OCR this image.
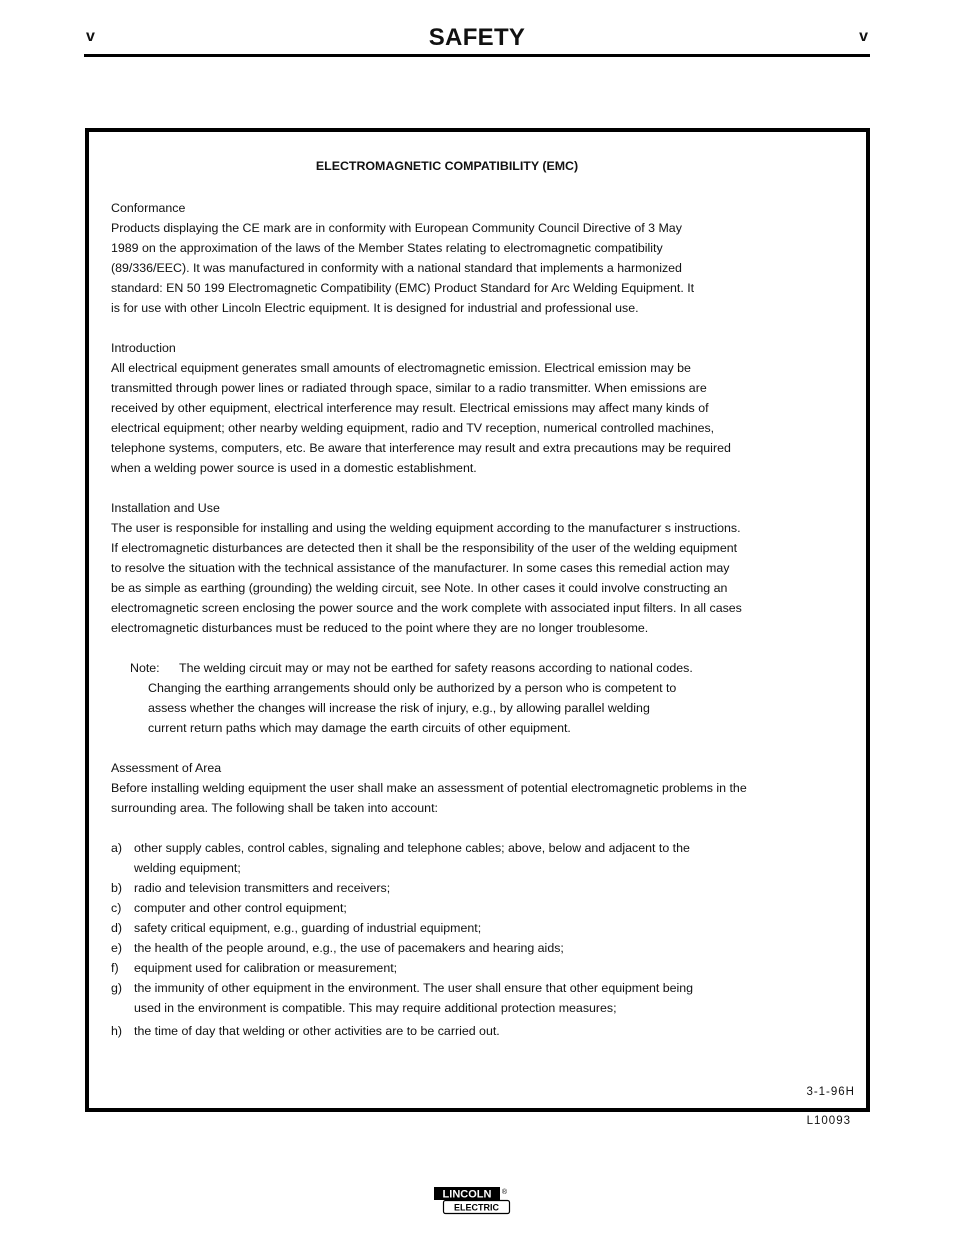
v	SAFETY	v

ELECTROMAGNETIC COMPATIBILITY (EMC)

Conformance

Products displaying the CE mark are in conformity with European Community Council Directive of 3 May

1989 on the approximation of the laws of the Member States relating to electromagnetic compatibility

(89/336/EEC). It was manufactured in conformity with a national standard that implements a harmonized

standard: EN 50 199 Electromagnetic Compatibility (EMC) Product Standard for Arc Welding Equipment. It

is for use with other Lincoln Electric equipment. It is designed for industrial and professional use.

Introduction

All electrical equipment generates small amounts of electromagnetic emission. Electrical emission may be

transmitted through power lines or radiated through space, similar to a radio transmitter. When emissions are

received by other equipment, electrical interference may result. Electrical emissions may affect many kinds of

electrical equipment; other nearby welding equipment, radio and TV reception, numerical controlled machines,

telephone systems, computers, etc. Be aware that interference may result and extra precautions may be required

when a welding power source is used in a domestic establishment.

Installation and Use

The user is responsible for installing and using the welding equipment according to the manufacturer s instructions.

If electromagnetic disturbances are detected then it shall be the responsibility of the user of the welding equipment

to resolve the situation with the technical assistance of the manufacturer. In some cases this remedial action may

be as simple as earthing (grounding) the welding circuit, see Note. In other cases it could involve constructing an

electromagnetic screen enclosing the power source and the work complete with associated input filters. In all cases

electromagnetic disturbances must be reduced to the point where they are no longer troublesome.

Note: The welding circuit may or may not be earthed for safety reasons according to national codes.

Changing the earthing arrangements should only be authorized by a person who is competent to

assess whether the changes will increase the risk of injury, e.g., by allowing parallel welding

current return paths which may damage the earth circuits of other equipment.

Assessment of Area

Before installing welding equipment the user shall make an assessment of potential electromagnetic problems in the

surrounding area. The following shall be taken into account:

a) other supply cables, control cables, signaling and telephone cables; above, below and adjacent to the

welding equipment;

b) radio and television transmitters and receivers;

c)	computer and other control equipment;

d) safety critical equipment, e.g., guarding of industrial equipment;

e) the health of the people around, e.g., the use of pacemakers and hearing aids;

f)	equipment used for calibration or measurement;

g) the immunity of other equipment in the environment. The user shall ensure that other equipment being

used in the environment is compatible. This may require additional protection measures;

h) the time of day that welding or other activities are to be carried out.

3-1-96H
L10093
LINCOLN ®
ELECTRIC
